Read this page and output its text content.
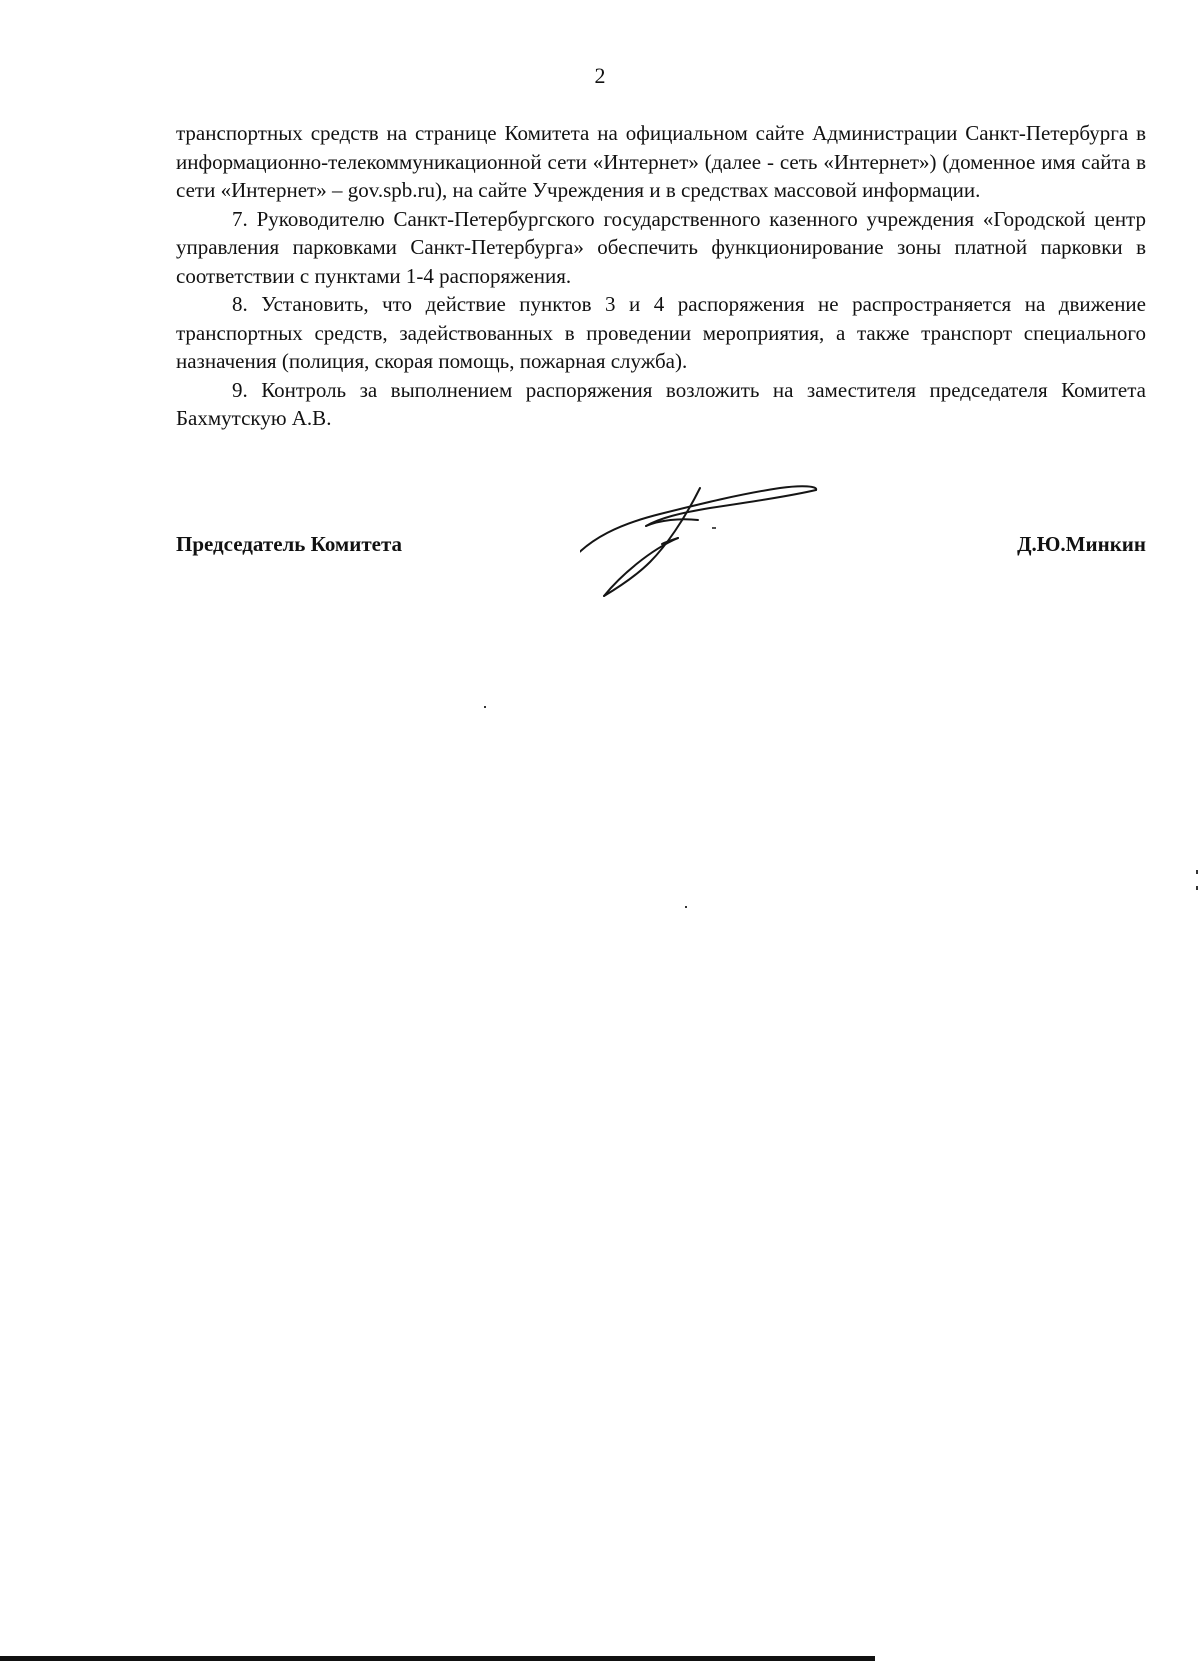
2

транспортных средств на странице Комитета на официальном сайте Администрации Санкт-Петербурга в информационно-телекоммуникационной сети «Интернет» (далее - сеть «Интернет») (доменное имя сайта в сети «Интернет» – gov.spb.ru), на сайте Учреждения и в средствах массовой информации.

7. Руководителю Санкт-Петербургского государственного казенного учреждения «Городской центр управления парковками Санкт-Петербурга» обеспечить функционирование зоны платной парковки в соответствии с пунктами 1-4 распоряжения.

8. Установить, что действие пунктов 3 и 4 распоряжения не распространяется на движение транспортных средств, задействованных в проведении мероприятия, а также транспорт специального назначения (полиция, скорая помощь, пожарная служба).

9. Контроль за выполнением распоряжения возложить на заместителя председателя Комитета Бахмутскую А.В.

Председатель Комитета	Д.Ю.Минкин
